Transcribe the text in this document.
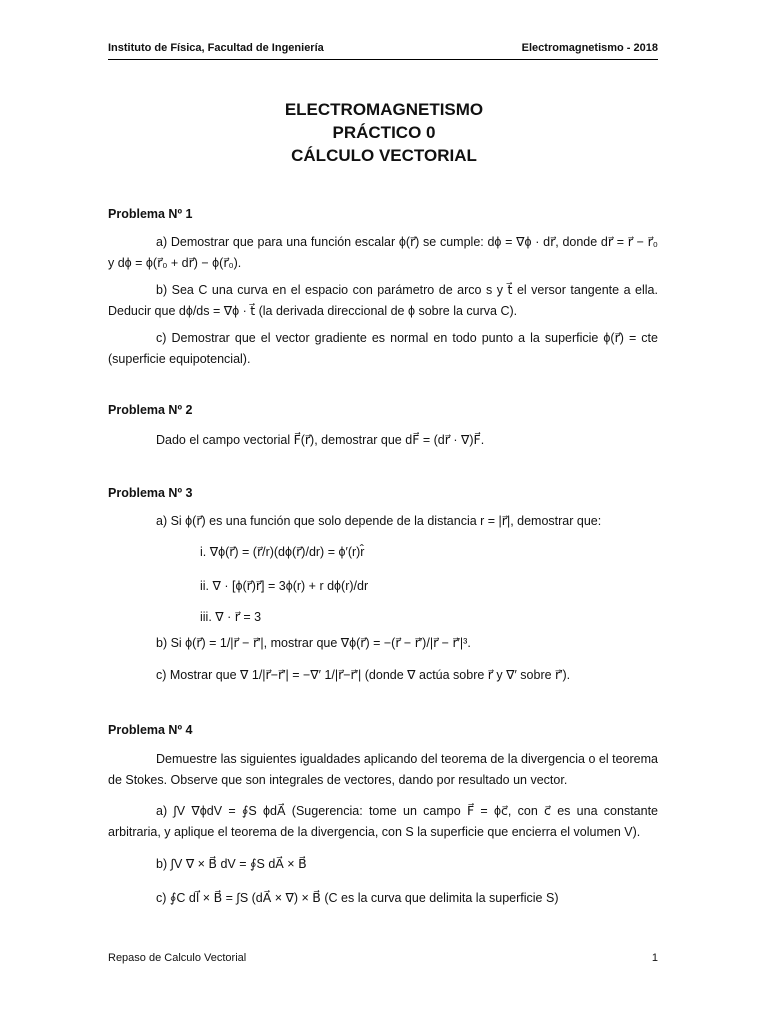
Instituto de Física, Facultad de Ingeniería	Electromagnetismo - 2018
ELECTROMAGNETISMO
PRÁCTICO 0
CÁLCULO VECTORIAL
Problema Nº 1
a) Demostrar que para una función escalar ϕ(r⃗) se cumple: dϕ = ∇ϕ · dr⃗, donde dr⃗ = r⃗ − r⃗₀ y dϕ = ϕ(r⃗₀ + dr⃗) − ϕ(r⃗₀).
b) Sea C una curva en el espacio con parámetro de arco s y t⃗ el versor tangente a ella. Deducir que dϕ/ds = ∇ϕ · t⃗ (la derivada direccional de ϕ sobre la curva C).
c) Demostrar que el vector gradiente es normal en todo punto a la superficie ϕ(r⃗) = cte (superficie equipotencial).
Problema Nº 2
Dado el campo vectorial F⃗(r⃗), demostrar que dF⃗ = (dr⃗ · ∇)F⃗.
Problema Nº 3
a) Si ϕ(r⃗) es una función que solo depende de la distancia r = |r⃗|, demostrar que:
i. ∇ϕ(r⃗) = (r⃗/r)(dϕ(r⃗)/dr) = ϕ′(r)r̂
ii. ∇ · [ϕ(r⃗)r⃗] = 3ϕ(r) + r dϕ(r)/dr
iii. ∇ · r⃗ = 3
b) Si ϕ(r⃗) = 1/|r⃗ − r⃗′|, mostrar que ∇ϕ(r⃗) = −(r⃗ − r⃗′)/|r⃗ − r⃗′|³.
c) Mostrar que ∇ 1/|r⃗−r⃗′| = −∇′ 1/|r⃗−r⃗′| (donde ∇ actúa sobre r⃗ y ∇′ sobre r⃗′).
Problema Nº 4
Demuestre las siguientes igualdades aplicando del teorema de la divergencia o el teorema de Stokes. Observe que son integrales de vectores, dando por resultado un vector.
a) ∫V ∇ϕdV = ∮S ϕdA⃗ (Sugerencia: tome un campo F⃗ = ϕc⃗, con c⃗ es una constante arbitraria, y aplique el teorema de la divergencia, con S la superficie que encierra el volumen V).
b) ∫V ∇ × B⃗ dV = ∮S dA⃗ × B⃗
c) ∮C dl⃗ × B⃗ = ∫S (dA⃗ × ∇) × B⃗ (C es la curva que delimita la superficie S)
Repaso de Calculo Vectorial	1
